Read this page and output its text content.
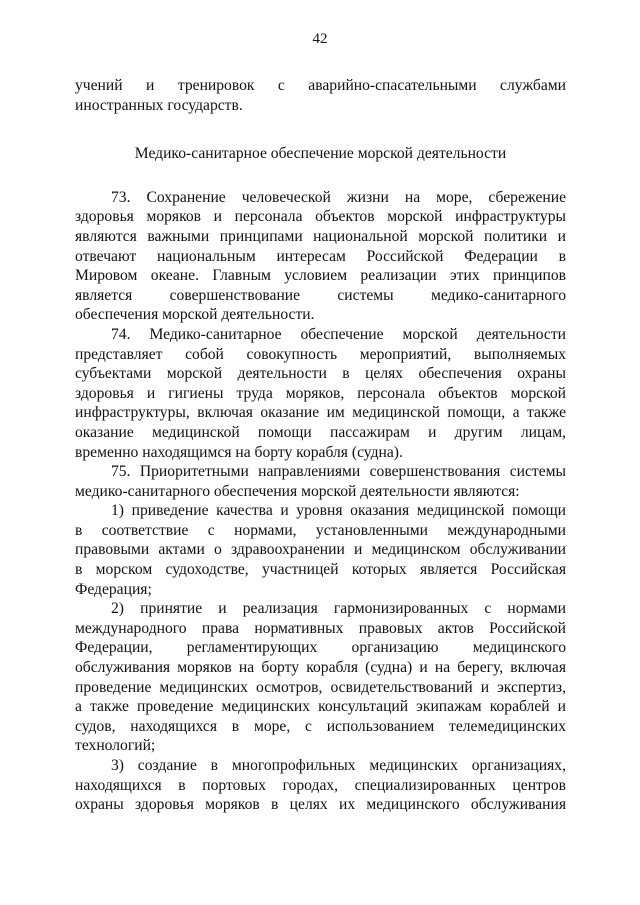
42

учений и тренировок с аварийно-спасательными службами

иностранных государств.

Медико-санитарное обеспечение морской деятельности

73. Сохранение человеческой жизни на море, сбережение

здоровья моряков и персонала объектов морской инфраструктуры

являются важными принципами национальной морской политики и

отвечают национальным интересам Российской Федерации в

Мировом океане. Главным условием реализации этих принципов

является совершенствование системы медико-санитарного

обеспечения морской деятельности.

74. Медико-санитарное обеспечение морской деятельности

представляет собой совокупность мероприятий, выполняемых

субъектами морской деятельности в целях обеспечения охраны

здоровья и гигиены труда моряков, персонала объектов морской

инфраструктуры, включая оказание им медицинской помощи, а также

оказание медицинской помощи пассажирам и другим лицам,

временно находящимся на борту корабля (судна).

75. Приоритетными направлениями совершенствования системы

медико-санитарного обеспечения морской деятельности являются:

1) приведение качества и уровня оказания медицинской помощи

в соответствие с нормами, установленными международными

правовыми актами о здравоохранении и медицинском обслуживании

в морском судоходстве, участницей которых является Российская

Федерация;

2) принятие и реализация гармонизированных с нормами

международного права нормативных правовых актов Российской

Федерации, регламентирующих организацию медицинского

обслуживания моряков на борту корабля (судна) и на берегу, включая

проведение медицинских осмотров, освидетельствований и экспертиз,

а также проведение медицинских консультаций экипажам кораблей и

судов, находящихся в море, с использованием телемедицинских

технологий;

3) создание в многопрофильных медицинских организациях,

находящихся в портовых городах, специализированных центров

охраны здоровья моряков в целях их медицинского обслуживания
